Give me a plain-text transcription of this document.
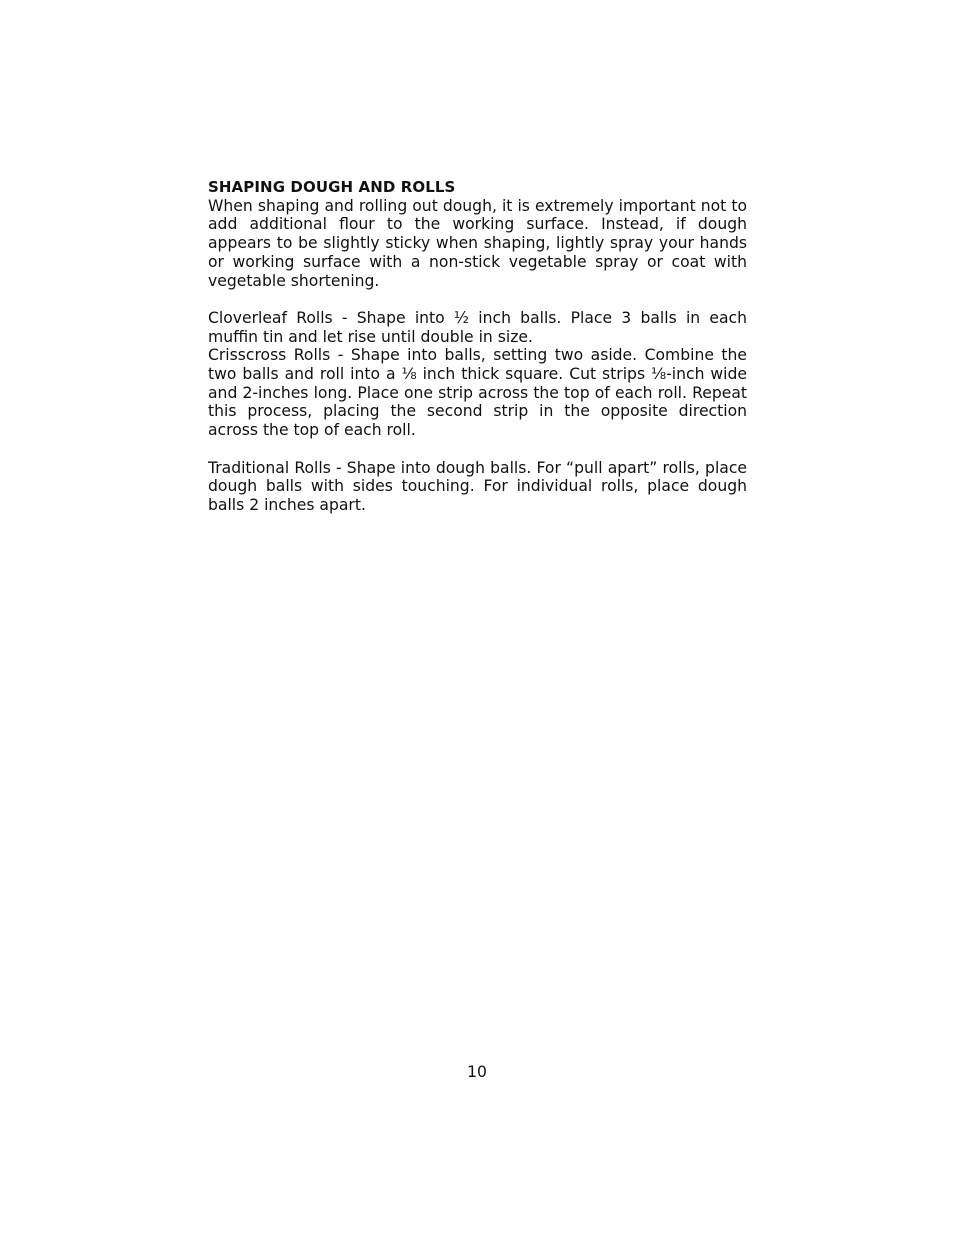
SHAPING DOUGH AND ROLLS

When shaping and rolling out dough, it is extremely important not to add additional flour to the working surface. Instead, if dough appears to be slightly sticky when shaping, lightly spray your hands or working surface with a non-stick vegetable spray or coat with vegetable shortening.

Cloverleaf Rolls - Shape into ½ inch balls. Place 3 balls in each muffin tin and let rise until double in size.

Crisscross Rolls - Shape into balls, setting two aside. Combine the two balls and roll into a ⅛ inch thick square. Cut strips ⅛-inch wide and 2-inches long. Place one strip across the top of each roll. Repeat this process, placing the second strip in the opposite direction across the top of each roll.

Traditional Rolls - Shape into dough balls. For “pull apart” rolls, place dough balls with sides touching. For individual rolls, place dough balls 2 inches apart.

10
